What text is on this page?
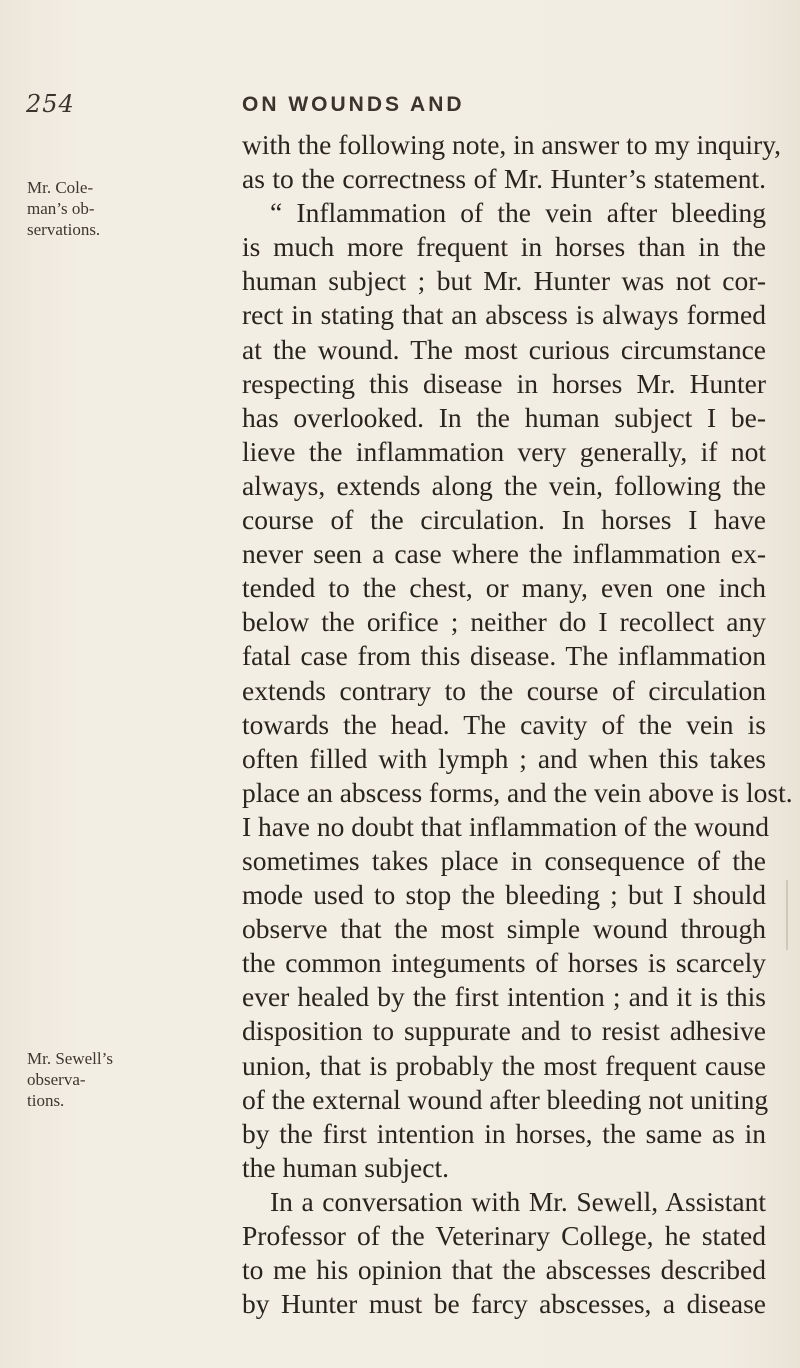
254	ON WOUNDS AND
Mr. Cole-
man’s ob-
servations.
Mr. Sewell’s
observa-
tions.
with the following note, in answer to my inquiry,
as to the correctness of Mr. Hunter’s statement.
“ Inflammation of the vein after bleeding
is much more frequent in horses than in the
human subject ; but Mr. Hunter was not cor-
rect in stating that an abscess is always formed
at the wound. The most curious circumstance
respecting this disease in horses Mr. Hunter
has overlooked. In the human subject I be-
lieve the inflammation very generally, if not
always, extends along the vein, following the
course of the circulation. In horses I have
never seen a case where the inflammation ex-
tended to the chest, or many, even one inch
below the orifice ; neither do I recollect any
fatal case from this disease. The inflammation
extends contrary to the course of circulation
towards the head. The cavity of the vein is
often filled with lymph ; and when this takes
place an abscess forms, and the vein above is lost.
I have no doubt that inflammation of the wound
sometimes takes place in consequence of the
mode used to stop the bleeding ; but I should
observe that the most simple wound through
the common integuments of horses is scarcely
ever healed by the first intention ; and it is this
disposition to suppurate and to resist adhesive
union, that is probably the most frequent cause
of the external wound after bleeding not uniting
by the first intention in horses, the same as in
the human subject.
In a conversation with Mr. Sewell, Assistant
Professor of the Veterinary College, he stated
to me his opinion that the abscesses described
by Hunter must be farcy abscesses, a disease
